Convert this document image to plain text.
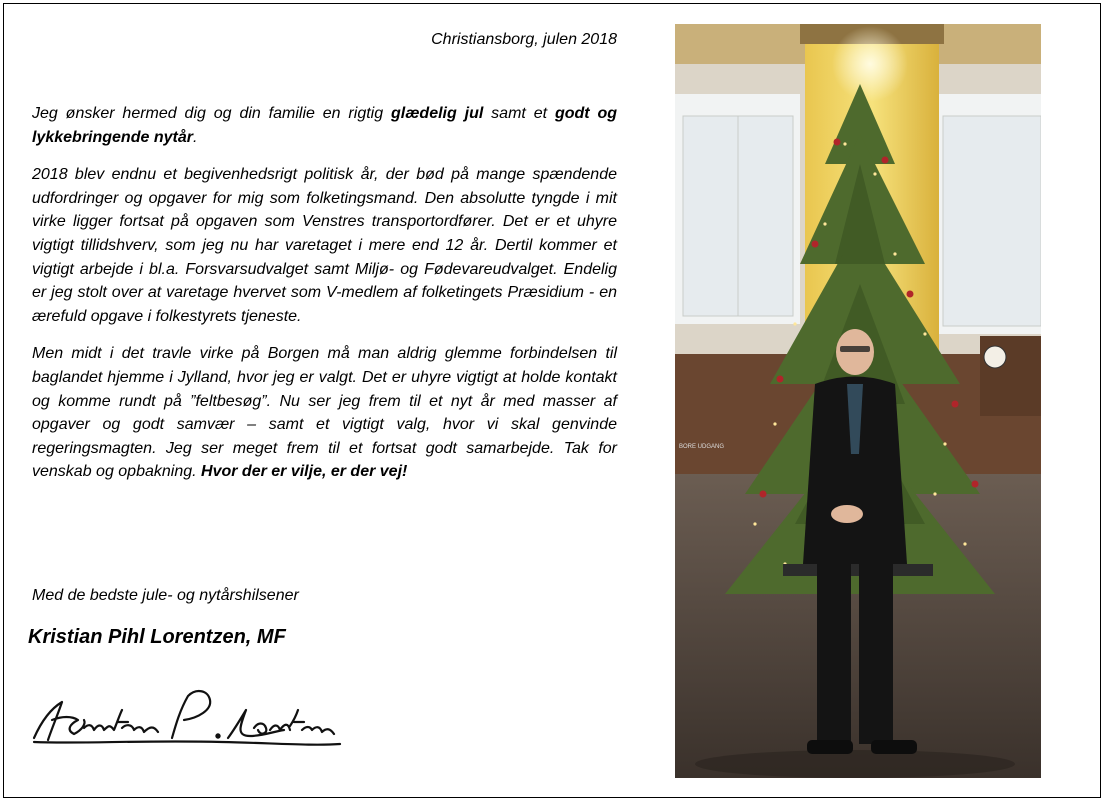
Christiansborg, julen 2018

Jeg ønsker hermed dig og din familie en rigtig glædelig jul samt et godt og lykkebringende nytår.

2018 blev endnu et begivenhedsrigt politisk år, der bød på mange spændende udfordringer og opgaver for mig som folketingsmand. Den absolutte tyngde i mit virke ligger fortsat på opgaven som Venstres transportordfører. Det er et uhyre vigtigt tillidshverv, som jeg nu har varetaget i mere end 12 år. Dertil kommer et vigtigt arbejde i bl.a. Forsvarsudvalget samt Miljø- og Fødevareudvalget. Endelig er jeg stolt over at varetage hvervet som V-medlem af folketingets Præsidium - en ærefuld opgave i folkestyrets tjeneste.

Men midt i det travle virke på Borgen må man aldrig glemme forbindelsen til baglandet hjemme i Jylland, hvor jeg er valgt. Det er uhyre vigtigt at holde kontakt og komme rundt på ”feltbesøg”. Nu ser jeg frem til et nyt år med masser af opgaver og godt samvær – samt et vigtigt valg, hvor vi skal genvinde regeringsmagten. Jeg ser meget frem til et fortsat godt samarbejde. Tak for venskab og opbakning. Hvor der er vilje, er der vej!

Med de bedste jule- og nytårshilsener
Kristian Pihl Lorentzen, MF
BORE UDGANG
